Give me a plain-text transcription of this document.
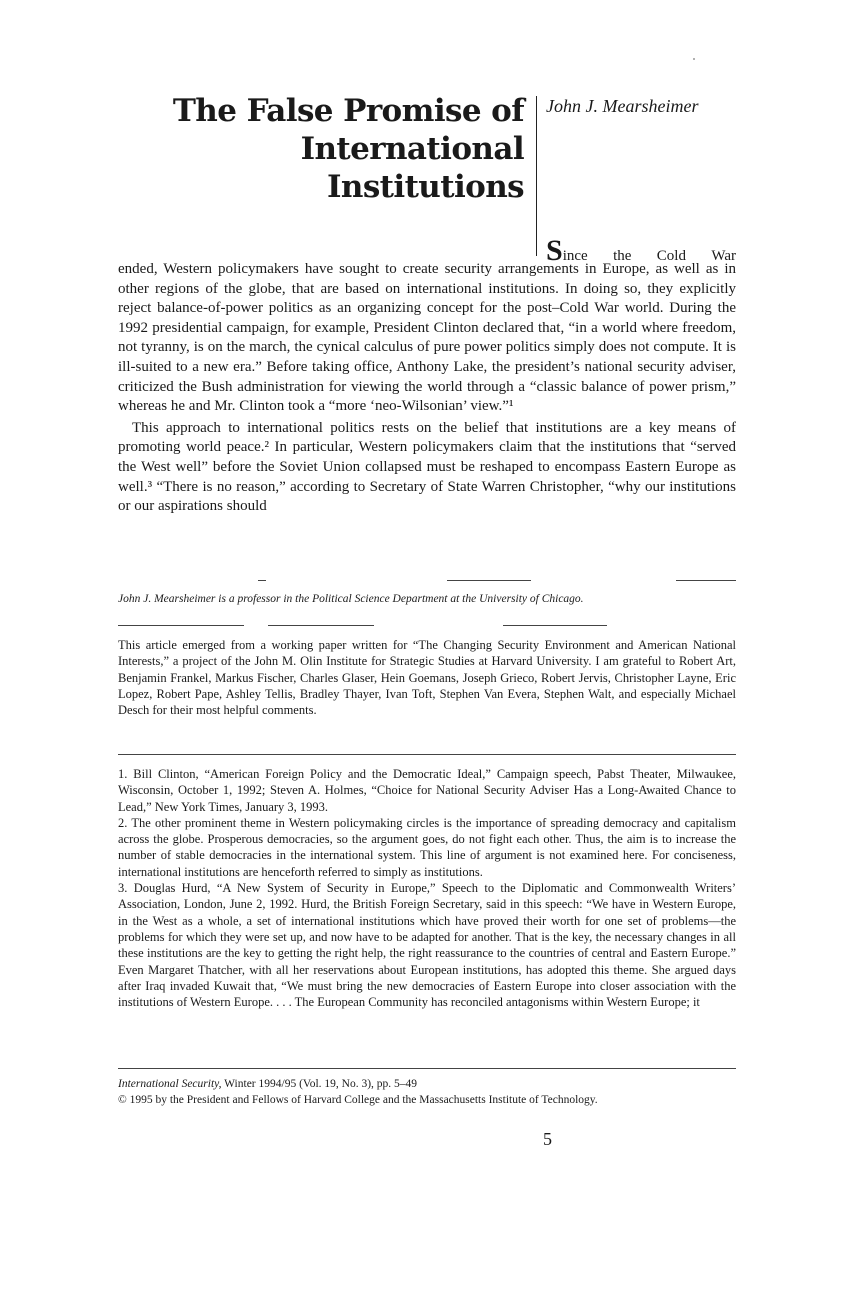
The False Promise of
International
Institutions
John J. Mearsheimer
Since the Cold War

ended, Western policymakers have sought to create security arrangements in Europe, as well as in other regions of the globe, that are based on international institutions. In doing so, they explicitly reject balance-of-power politics as an organizing concept for the post–Cold War world. During the 1992 presidential campaign, for example, President Clinton declared that, “in a world where freedom, not tyranny, is on the march, the cynical calculus of pure power politics simply does not compute. It is ill-suited to a new era.” Before taking office, Anthony Lake, the president’s national security adviser, criticized the Bush administration for viewing the world through a “classic balance of power prism,” whereas he and Mr. Clinton took a “more ‘neo-Wilsonian’ view.”¹

This approach to international politics rests on the belief that institutions are a key means of promoting world peace.² In particular, Western policymakers claim that the institutions that “served the West well” before the Soviet Union collapsed must be reshaped to encompass Eastern Europe as well.³ “There is no reason,” according to Secretary of State Warren Christopher, “why our institutions or our aspirations should

John J. Mearsheimer is a professor in the Political Science Department at the University of Chicago.
This article emerged from a working paper written for “The Changing Security Environment and American National Interests,” a project of the John M. Olin Institute for Strategic Studies at Harvard University. I am grateful to Robert Art, Benjamin Frankel, Markus Fischer, Charles Glaser, Hein Goemans, Joseph Grieco, Robert Jervis, Christopher Layne, Eric Lopez, Robert Pape, Ashley Tellis, Bradley Thayer, Ivan Toft, Stephen Van Evera, Stephen Walt, and especially Michael Desch for their most helpful comments.

1. Bill Clinton, “American Foreign Policy and the Democratic Ideal,” Campaign speech, Pabst Theater, Milwaukee, Wisconsin, October 1, 1992; Steven A. Holmes, “Choice for National Security Adviser Has a Long-Awaited Chance to Lead,” New York Times, January 3, 1993.

2. The other prominent theme in Western policymaking circles is the importance of spreading democracy and capitalism across the globe. Prosperous democracies, so the argument goes, do not fight each other. Thus, the aim is to increase the number of stable democracies in the international system. This line of argument is not examined here. For conciseness, international institutions are henceforth referred to simply as institutions.

3. Douglas Hurd, “A New System of Security in Europe,” Speech to the Diplomatic and Commonwealth Writers’ Association, London, June 2, 1992. Hurd, the British Foreign Secretary, said in this speech: “We have in Western Europe, in the West as a whole, a set of international institutions which have proved their worth for one set of problems—the problems for which they were set up, and now have to be adapted for another. That is the key, the necessary changes in all these institutions are the key to getting the right help, the right reassurance to the countries of central and Eastern Europe.” Even Margaret Thatcher, with all her reservations about European institutions, has adopted this theme. She argued days after Iraq invaded Kuwait that, “We must bring the new democracies of Eastern Europe into closer association with the institutions of Western Europe. . . . The European Community has reconciled antagonisms within Western Europe; it

International Security, Winter 1994/95 (Vol. 19, No. 3), pp. 5–49
© 1995 by the President and Fellows of Harvard College and the Massachusetts Institute of Technology.
5
